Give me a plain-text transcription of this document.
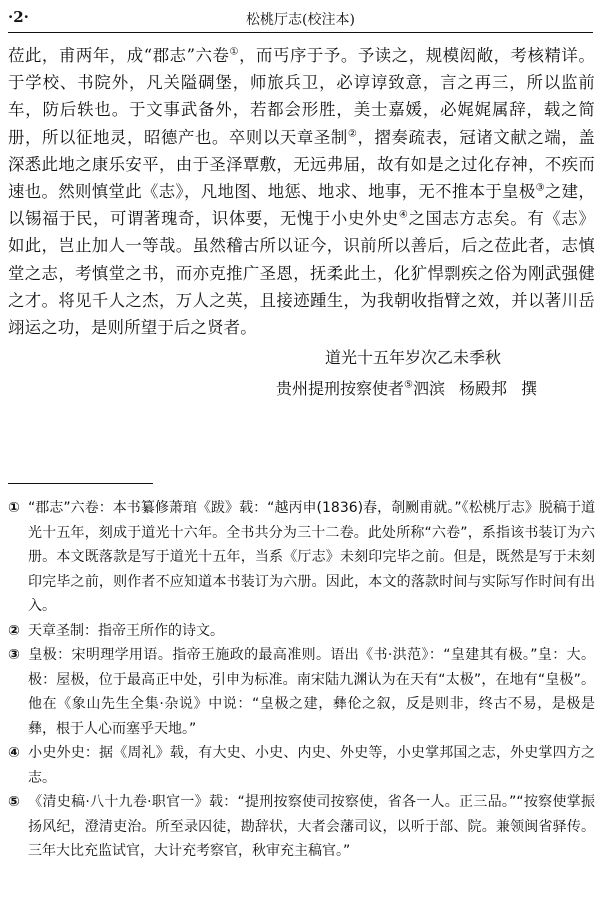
·2·	松桃厅志(校注本)

莅此，甫两年，成“郡志”六卷①，而丐序于予。予读之，规模闳敞，考核精详。于学校、书院外，凡关隘碉堡，师旅兵卫，必谆谆致意，言之再三，所以监前车，防后轶也。于文事武备外，若都会形胜，美士嘉媛，必娓娓属辞，载之简册，所以征地灵，昭德产也。卒则以天章圣制②，摺奏疏表，冠诸文献之端，盖深悉此地之康乐安平，由于圣泽覃敷，无远弗届，故有如是之过化存神，不疾而速也。然则慎堂此《志》，凡地图、地惩、地求、地事，无不推本于皇极③之建，以锡福于民，可谓著瑰奇，识体要，无愧于小史外史④之国志方志矣。有《志》如此，岂止加人一等哉。虽然稽古所以证今，识前所以善后，后之莅此者，志慎堂之志，考慎堂之书，而亦克推广圣恩，抚柔此土，化犷悍剽疾之俗为刚武强健之才。将见千人之杰，万人之英，且接迹踵生，为我朝收指臂之效，并以著川岳翊运之功，是则所望于后之贤者。

道光十五年岁次乙未季秋
贵州提刑按察使者⑤泗滨 杨殿邦 撰

① “郡志”六卷：本书纂修萧琯《跋》载：“越丙申(1836)春，剞劂甫就。”《松桃厅志》脱稿于道光十五年，刻成于道光十六年。全书共分为三十二卷。此处所称“六卷”，系指该书装订为六册。本文既落款是写于道光十五年，当系《厅志》未刻印完毕之前。但是，既然是写于未刻印完毕之前，则作者不应知道本书装订为六册。因此，本文的落款时间与实际写作时间有出入。

② 天章圣制：指帝王所作的诗文。

③ 皇极：宋明理学用语。指帝王施政的最高准则。语出《书·洪范》：“皇建其有极。”皇：大。极：屋极，位于最高正中处，引申为标准。南宋陆九渊认为在天有“太极”，在地有“皇极”。他在《象山先生全集·杂说》中说：“皇极之建，彝伦之叙，反是则非，终古不易，是极是彝，根于人心而塞乎天地。”

④ 小史外史：据《周礼》载，有大史、小史、内史、外史等，小史掌邦国之志，外史掌四方之志。

⑤ 《清史稿·八十九卷·职官一》载：“提刑按察使司按察使，省各一人。正三品。”“按察使掌振扬风纪，澄清吏治。所至录囚徒，勘辞状，大者会藩司议，以听于部、院。兼领闽省驿传。三年大比充监试官，大计充考察官，秋审充主稿官。”
